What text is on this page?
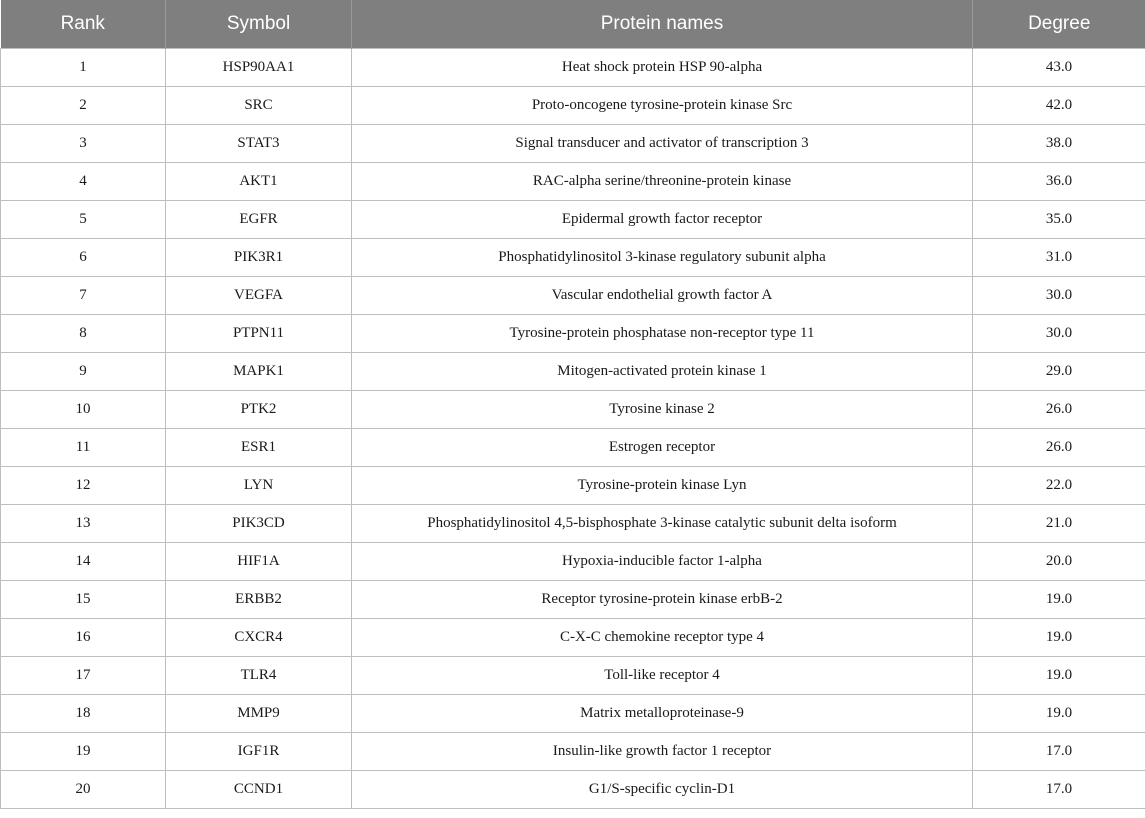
Rank	Symbol	Protein names	Degree
1	HSP90AA1	Heat shock protein HSP 90-alpha	43.0
2	SRC	Proto-oncogene tyrosine-protein kinase Src	42.0
3	STAT3	Signal transducer and activator of transcription 3	38.0
4	AKT1	RAC-alpha serine/threonine-protein kinase	36.0
5	EGFR	Epidermal growth factor receptor	35.0
6	PIK3R1	Phosphatidylinositol 3-kinase regulatory subunit alpha	31.0
7	VEGFA	Vascular endothelial growth factor A	30.0
8	PTPN11	Tyrosine-protein phosphatase non-receptor type 11	30.0
9	MAPK1	Mitogen-activated protein kinase 1	29.0
10	PTK2	Tyrosine kinase 2	26.0
11	ESR1	Estrogen receptor	26.0
12	LYN	Tyrosine-protein kinase Lyn	22.0
13	PIK3CD	Phosphatidylinositol 4,5-bisphosphate 3-kinase catalytic subunit delta isoform	21.0
14	HIF1A	Hypoxia-inducible factor 1-alpha	20.0
15	ERBB2	Receptor tyrosine-protein kinase erbB-2	19.0
16	CXCR4	C-X-C chemokine receptor type 4	19.0
17	TLR4	Toll-like receptor 4	19.0
18	MMP9	Matrix metalloproteinase-9	19.0
19	IGF1R	Insulin-like growth factor 1 receptor	17.0
20	CCND1	G1/S-specific cyclin-D1	17.0
